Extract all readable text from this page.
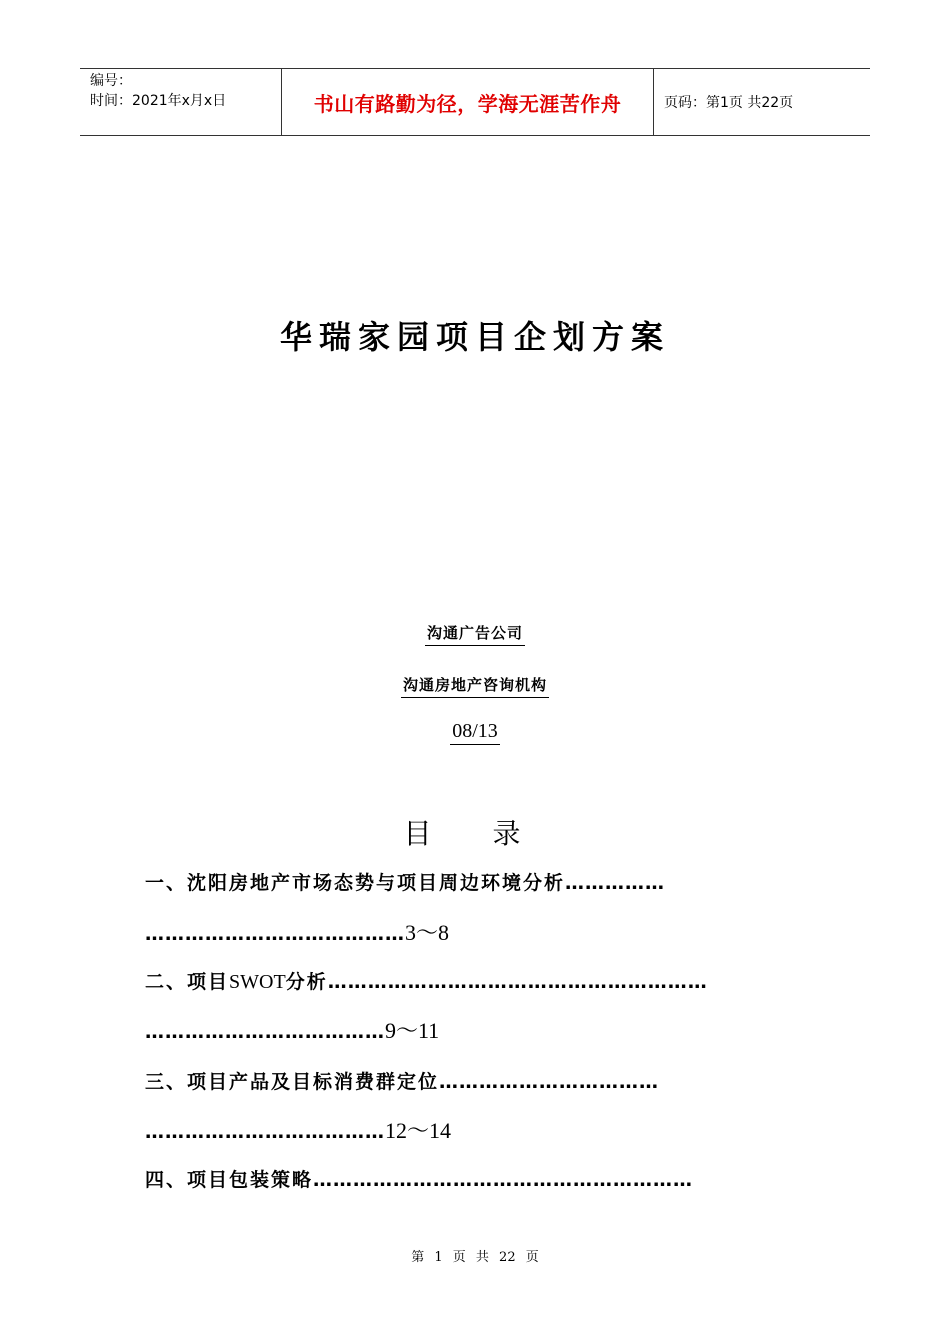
编号：
时间：2021年x月x日	书山有路勤为径，学海无涯苦作舟	页码：第1页 共22页
华瑞家园项目企划方案
沟通广告公司
沟通房地产咨询机构
08/13
目 录
一、沈阳房地产市场态势与项目周边环境分析……………
…………………………………3～8
二、项目SWOT分析…………………………………………………
………………………………9～11
三、项目产品及目标消费群定位……………………………
………………………………12～14
四、项目包装策略…………………………………………………
第 1 页 共 22 页
